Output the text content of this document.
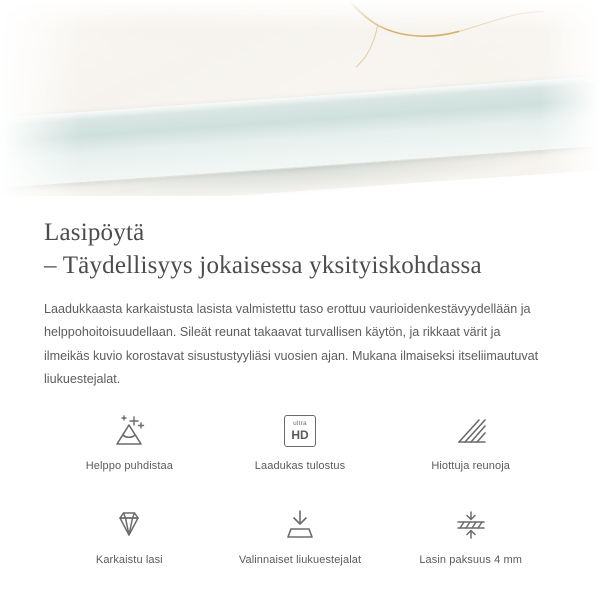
Lasipöytä
– Täydellisyys jokaisessa yksityiskohdassa

Laadukkaasta karkaistusta lasista valmistettu taso erottuu vaurioidenkestävyydellään ja helppohoitoisuudellaan. Sileät reunat takaavat turvallisen käytön, ja rikkaat värit ja ilmeikäs kuvio korostavat sisustustyyliäsi vuosien ajan. Mukana ilmaiseksi itseliimautuvat liukuestejalat.

Helppo puhdistaa
ultra
HD
Laadukas tulostus	Hiottuja reunoja
Karkaistu lasi	Valinnaiset liukuestejalat	Lasin paksuus 4 mm
